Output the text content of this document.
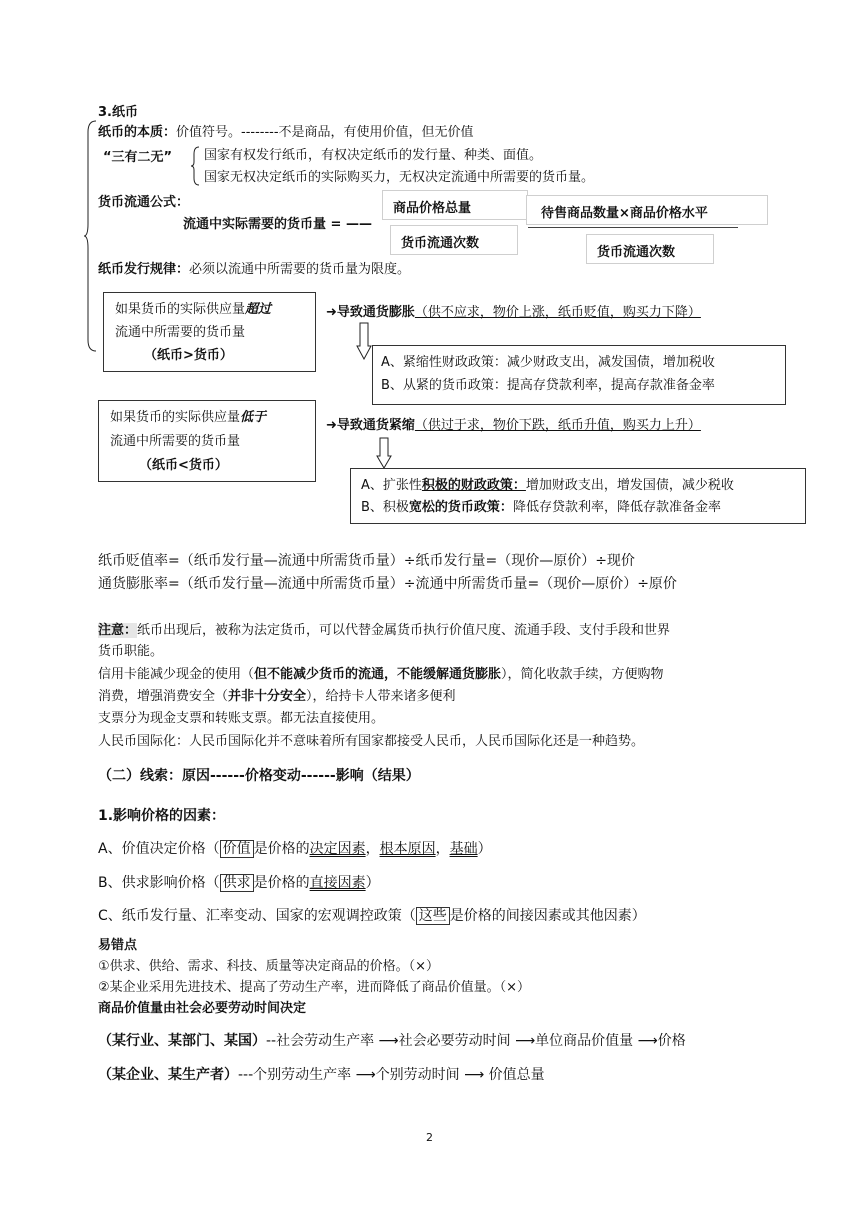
3.纸币
纸币的本质：价值符号。--------不是商品，有使用价值，但无价值
“三有二无” 国家有权发行纸币，有权决定纸币的发行量、种类、面值。
国家无权决定纸币的实际购买力，无权决定流通中所需要的货币量。
货币流通公式：
流通中实际需要的货币量 = ——
商品价格总量
货币流通次数
待售商品数量×商品价格水平
货币流通次数
纸币发行规律：必须以流通中所需要的货币量为限度。
如果货币的实际供应量超过
流通中所需要的货币量
（纸币>货币）
➜导致通货膨胀（供不应求，物价上涨，纸币贬值，购买力下降）
A、紧缩性财政政策：减少财政支出，减发国债，增加税收
B、从紧的货币政策：提高存贷款利率，提高存款准备金率
如果货币的实际供应量低于
流通中所需要的货币量
（纸币<货币）
➜导致通货紧缩（供过于求，物价下跌，纸币升值，购买力上升）
A、扩张性积极的财政政策：增加财政支出，增发国债，减少税收
B、积极宽松的货币政策：降低存贷款利率，降低存款准备金率
纸币贬值率=（纸币发行量—流通中所需货币量）÷纸币发行量=（现价—原价）÷现价
通货膨胀率=（纸币发行量—流通中所需货币量）÷流通中所需货币量=（现价—原价）÷原价
注意：纸币出现后，被称为法定货币，可以代替金属货币执行价值尺度、流通手段、支付手段和世界
货币职能。
信用卡能减少现金的使用（但不能减少货币的流通，不能缓解通货膨胀），简化收款手续，方便购物
消费，增强消费安全（并非十分安全），给持卡人带来诸多便利
支票分为现金支票和转账支票。都无法直接使用。
人民币国际化：人民币国际化并不意味着所有国家都接受人民币，人民币国际化还是一种趋势。
（二）线索：原因------价格变动------影响（结果）
1.影响价格的因素：
A、价值决定价格（ 价值 是价格的决定因素，根本原因，基础）
B、供求影响价格（ 供求 是价格的直接因素）
C、纸币发行量、汇率变动、国家的宏观调控政策（ 这些 是价格的间接因素或其他因素）
易错点
①供求、供给、需求、科技、质量等决定商品的价格。（×）
②某企业采用先进技术、提高了劳动生产率，进而降低了商品价值量。（×）
商品价值量由社会必要劳动时间决定
（某行业、某部门、某国）--社会劳动生产率 ⟶社会必要劳动时间 ⟶单位商品价值量 ⟶价格
（某企业、某生产者）---个别劳动生产率 ⟶个别劳动时间 ⟶ 价值总量
2
